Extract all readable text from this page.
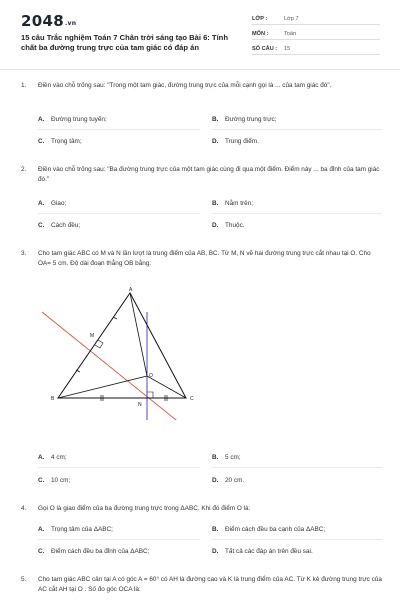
2048.vn
15 câu Trắc nghiệm Toán 7 Chân trời sáng tạo Bài 6: Tính chất ba đường trung trực của tam giác có đáp án
LỚP :	Lớp 7
MÔN :	Toán
SỐ CÂU : 15
1. Điền vào chỗ trống sau: "Trong một tam giác, đường trung trực của mỗi cạnh gọi là ... của tam giác đó".
A. Đường trung tuyến;	B. Đường trung trực;
C. Trọng tâm;	D. Trung điểm.
2. Điền vào chỗ trống sau: "Ba đường trung trực của một tam giác cùng đi qua một điểm. Điểm này ... ba đỉnh của tam giác đó."
A. Giao;	B. Nằm trên;
C. Cách đều;	D. Thuộc.
3. Cho tam giác ABC có M và N lần lượt là trung điểm của AB, BC. Từ M, N vẽ hai đường trung trực cắt nhau tại O. Cho OA= 5 cm. Độ dài đoạn thẳng OB bằng:
A
B	C
M
N
O
A. 4 cm;	B. 5 cm;
C. 10 cm;	D. 20 cm.
4. Gọi O là giao điểm của ba đường trung trực trong ΔABC. Khi đó điểm O là:
A. Trọng tâm của ΔABC;	B. Điểm cách đều ba cạnh của ΔABC;
C. Điểm cách đều ba đỉnh của ΔABC;	D. Tất cả các đáp án trên đều sai.
5. Cho tam giác ABC cân tại A có góc A = 60° có AH là đường cao và K là trung điểm của AC. Từ K kẻ đường trung trực của AC cắt AH tại O . Số đo góc OCA là:
